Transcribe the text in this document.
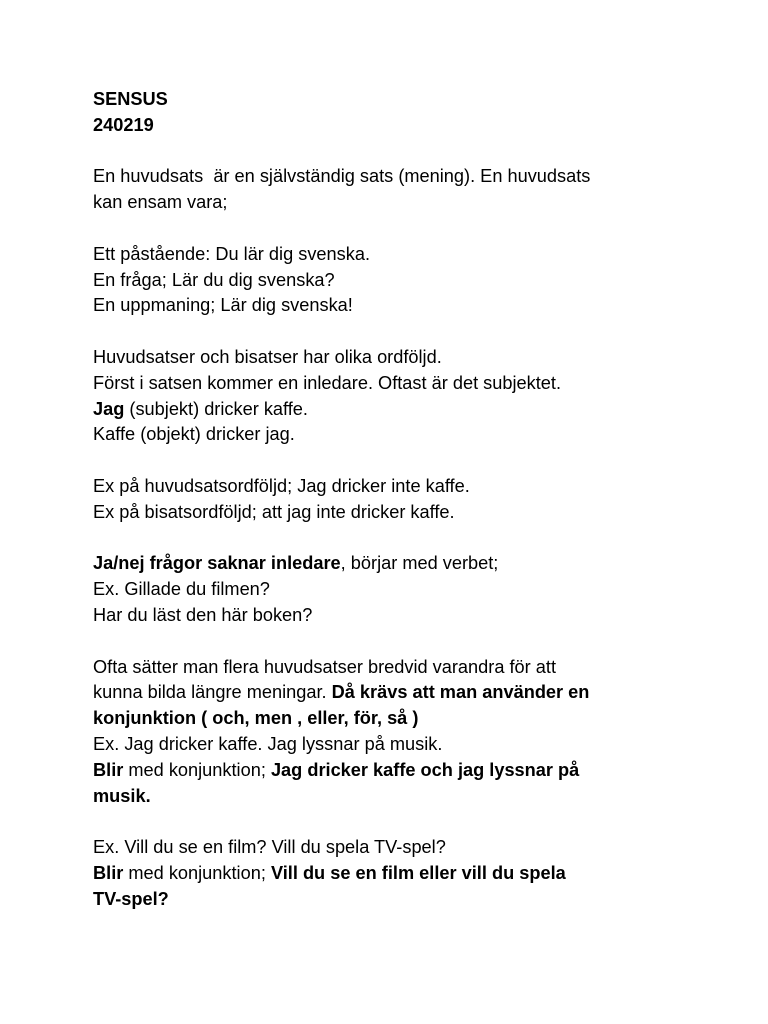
SENSUS
240219
En huvudsats  är en självständig sats (mening). En huvudsats
kan ensam vara;
Ett påstående: Du lär dig svenska.
En fråga; Lär du dig svenska?
En uppmaning; Lär dig svenska!
Huvudsatser och bisatser har olika ordföljd.
Först i satsen kommer en inledare. Oftast är det subjektet.
Jag (subjekt) dricker kaffe.
Kaffe (objekt) dricker jag.
Ex på huvudsatsordföljd; Jag dricker inte kaffe.
Ex på bisatsordföljd; att jag inte dricker kaffe.
Ja/nej frågor saknar inledare, börjar med verbet;
Ex. Gillade du filmen?
Har du läst den här boken?
Ofta sätter man flera huvudsatser bredvid varandra för att
kunna bilda längre meningar. Då krävs att man använder en
konjunktion ( och, men , eller, för, så )
Ex. Jag dricker kaffe. Jag lyssnar på musik.
Blir med konjunktion; Jag dricker kaffe och jag lyssnar på
musik.
Ex. Vill du se en film? Vill du spela TV-spel?
Blir med konjunktion; Vill du se en film eller vill du spela
TV-spel?
